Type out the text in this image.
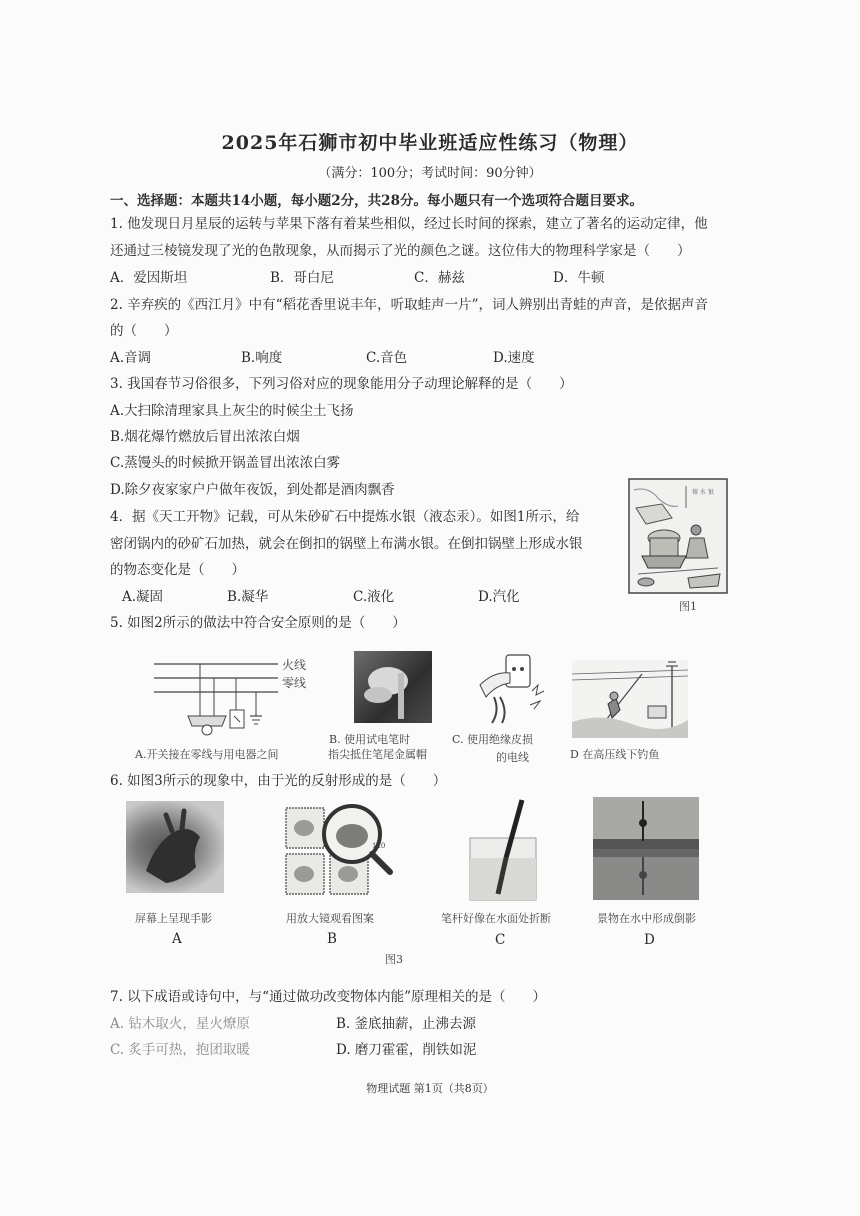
2025年石狮市初中毕业班适应性练习（物理）
（满分：100分；考试时间：90分钟）
一、选择题：本题共14小题，每小题2分，共28分。每小题只有一个选项符合题目要求。
1. 他发现日月星辰的运转与苹果下落有着某些相似，经过长时间的探索，建立了著名的运动定律，他
还通过三棱镜发现了光的色散现象，从而揭示了光的颜色之谜。这位伟大的物理科学家是（　　）
A．爱因斯坦	B．哥白尼	C．赫兹	D．牛顿
2. 辛弃疾的《西江月》中有“稻花香里说丰年，听取蛙声一片”，词人辨别出青蛙的声音，是依据声音
的（　　）
A.音调	B.响度	C.音色	D.速度
3. 我国春节习俗很多，下列习俗对应的现象能用分子动理论解释的是（　　）
A.大扫除清理家具上灰尘的时候尘土飞扬
B.烟花爆竹燃放后冒出浓浓白烟
C.蒸馒头的时候掀开锅盖冒出浓浓白雾
D.除夕夜家家户户做年夜饭，到处都是酒肉飘香
4．据《天工开物》记载，可从朱砂矿石中提炼水银（液态汞）。如图1所示，给
密闭锅内的砂矿石加热，就会在倒扣的锅壁上布满水银。在倒扣锅壁上形成水银
的物态变化是（　　）
A.凝固	B.凝华	C.液化	D.汽化
镕 水 银
图1
5. 如图2所示的做法中符合安全原则的是（　　）
火线
零线
A.开关接在零线与用电器之间
B. 使用试电笔时
指尖抵住笔尾金属帽
C. 使用绝缘皮损
的电线	D 在高压线下钓鱼
6. 如图3所示的现象中，由于光的反射形成的是（　　）
屏幕上呈现手影
A
120
用放大镜观看图案
B
笔杆好像在水面处折断
C
景物在水中形成倒影
D
图3
7. 以下成语或诗句中，与“通过做功改变物体内能”原理相关的是（　　）
A. 钻木取火，星火燎原	B. 釜底抽薪，止沸去源
C. 炙手可热，抱团取暖	D. 磨刀霍霍，削铁如泥
物理试题 第1页（共8页）
